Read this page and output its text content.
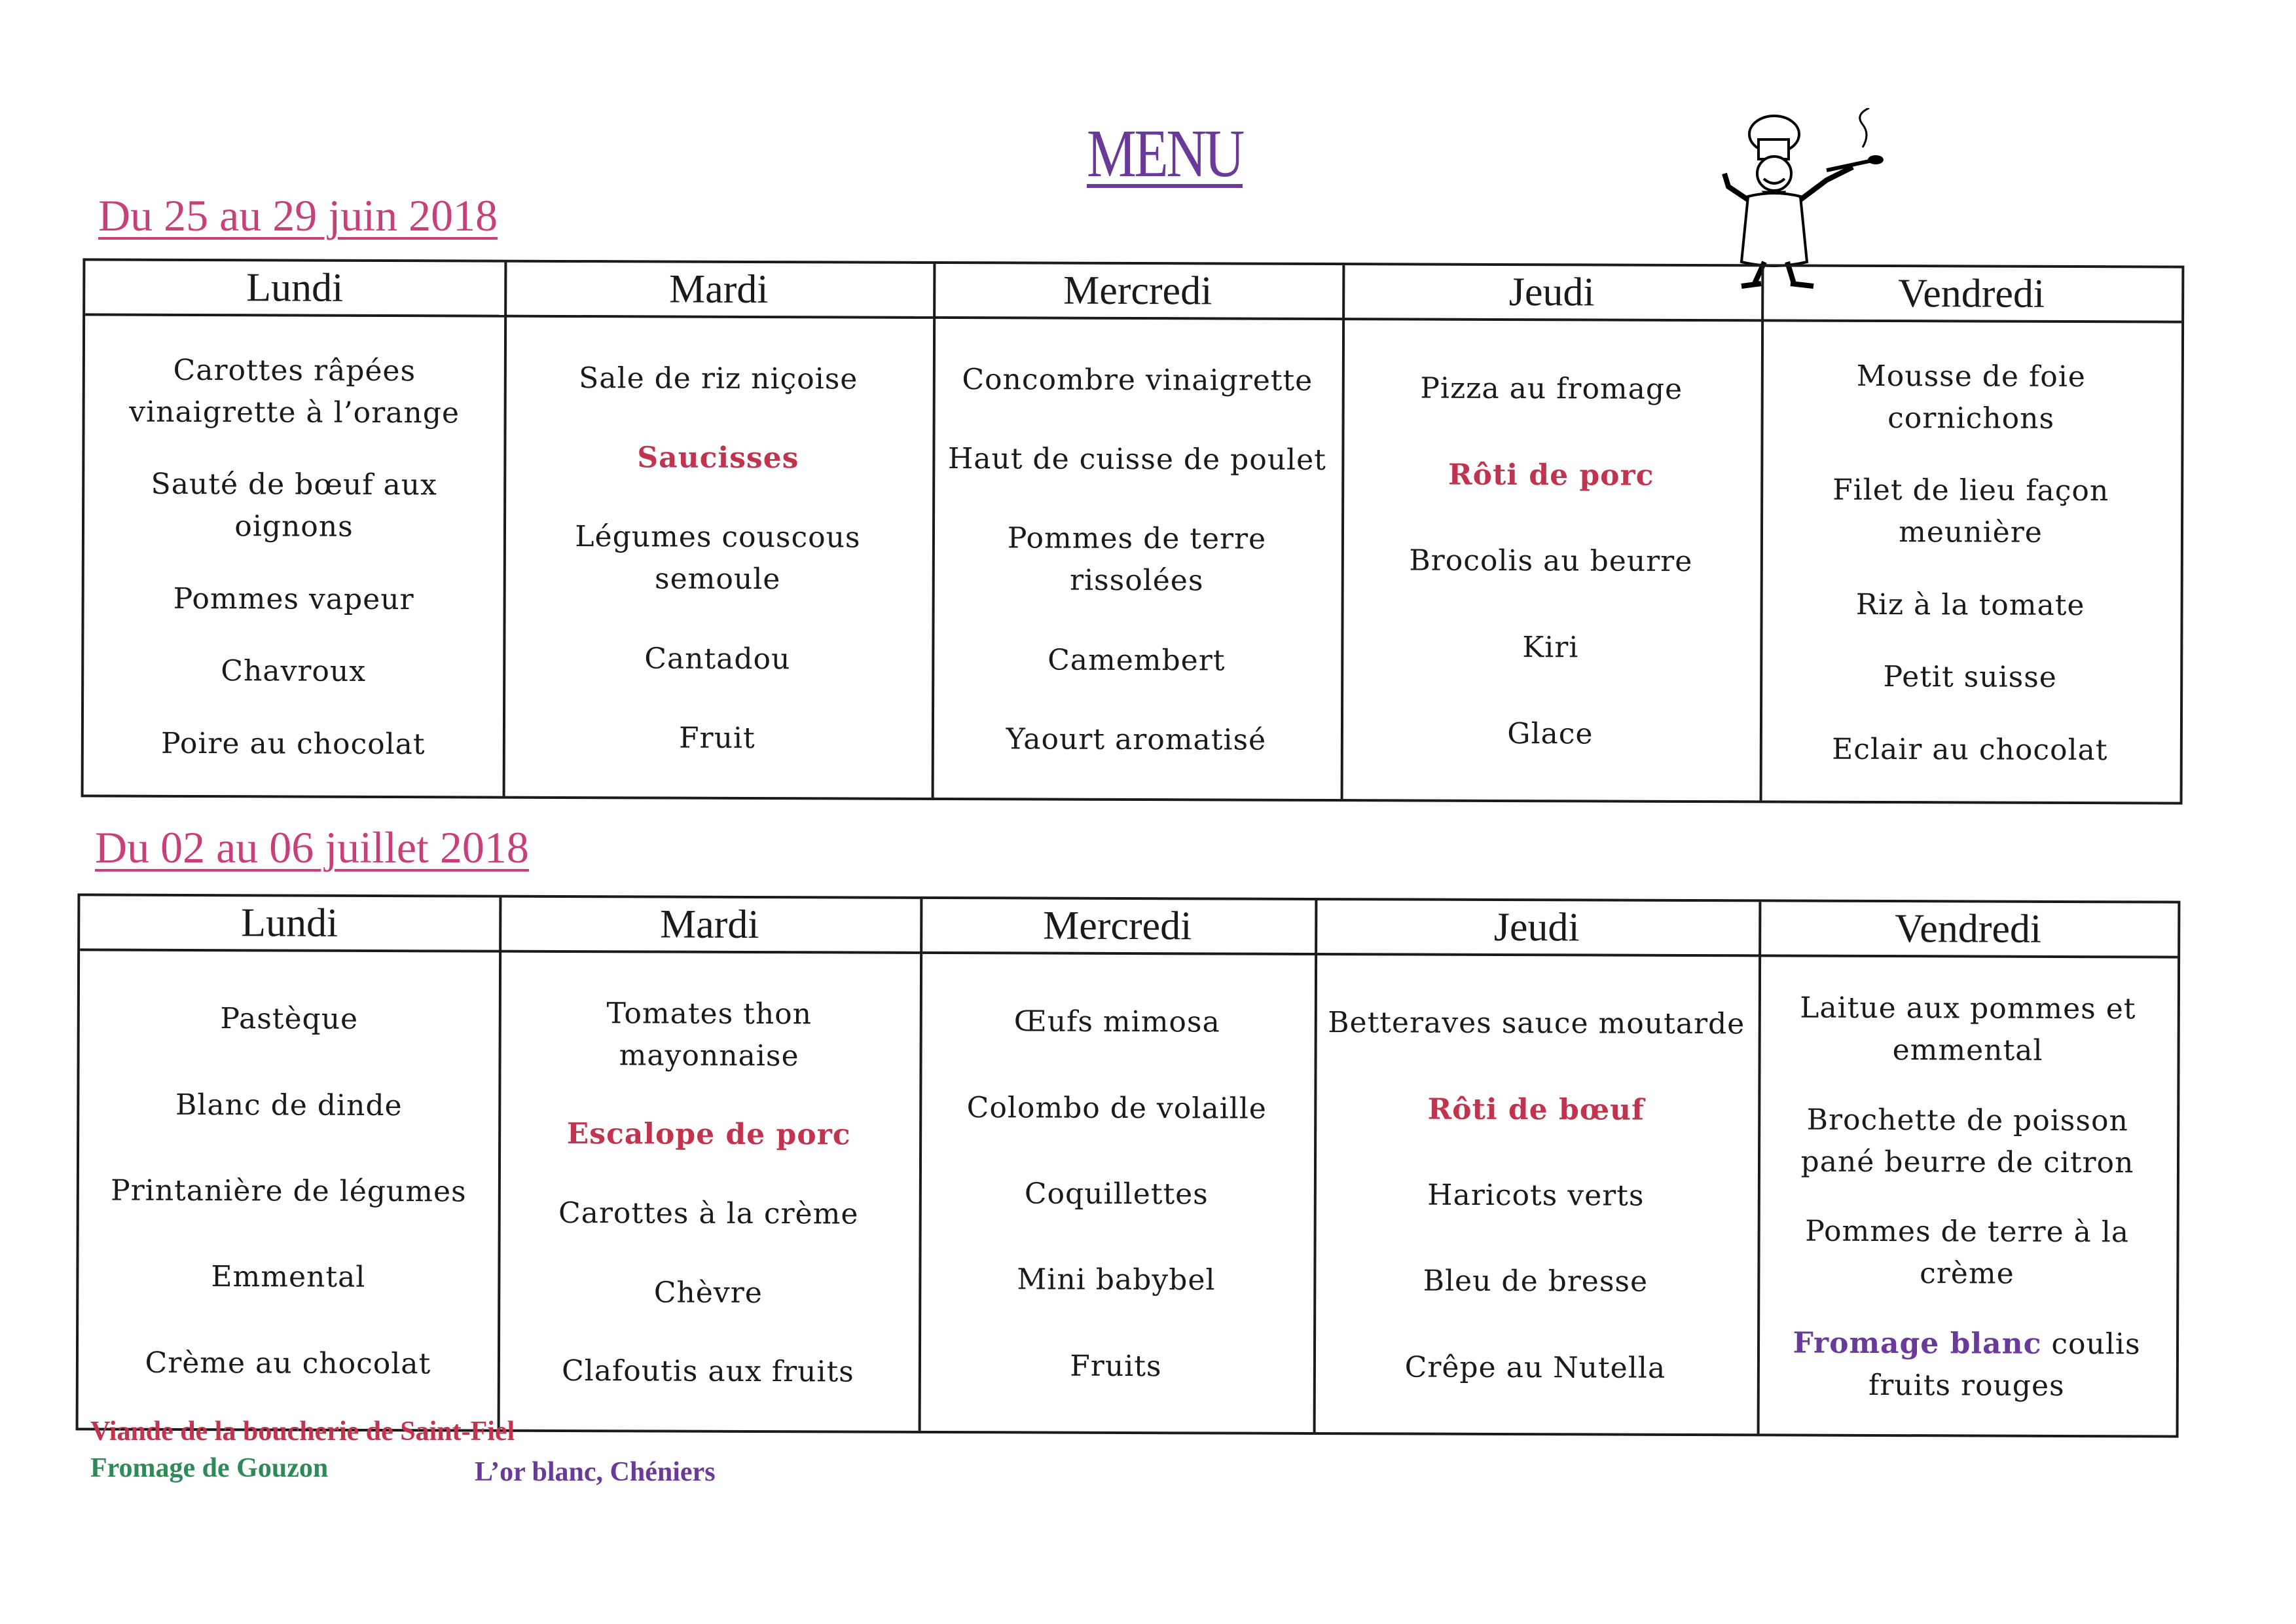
MENU
Du 25 au 29 juin 2018
Lundi
Carottes râpées vinaigrette à l’orange
Sauté de bœuf aux oignons
Pommes vapeur
Chavroux
Poire au chocolat
Mardi
Sale de riz niçoise
Saucisses
Légumes couscous semoule
Cantadou
Fruit
Mercredi
Concombre vinaigrette
Haut de cuisse de poulet
Pommes de terre rissolées
Camembert
Yaourt aromatisé
Jeudi
Pizza au fromage
Rôti de porc
Brocolis au beurre
Kiri
Glace
Vendredi
Mousse de foie cornichons
Filet de lieu façon meunière
Riz à la tomate
Petit suisse
Eclair au chocolat
Du 02 au 06 juillet 2018
Lundi
Pastèque
Blanc de dinde
Printanière de légumes
Emmental
Crème au chocolat
Mardi
Tomates thon mayonnaise
Escalope de porc
Carottes à la crème
Chèvre
Clafoutis aux fruits
Mercredi
Œufs mimosa
Colombo de volaille
Coquillettes
Mini babybel
Fruits
Jeudi
Betteraves sauce moutarde
Rôti de bœuf
Haricots verts
Bleu de bresse
Crêpe au Nutella
Vendredi
Laitue aux pommes et emmental
Brochette de poisson pané beurre de citron
Pommes de terre à la crème
Fromage blanc coulis fruits rouges
Viande de la boucherie de Saint-Fiel
Fromage de Gouzon	L’or blanc, Chéniers
